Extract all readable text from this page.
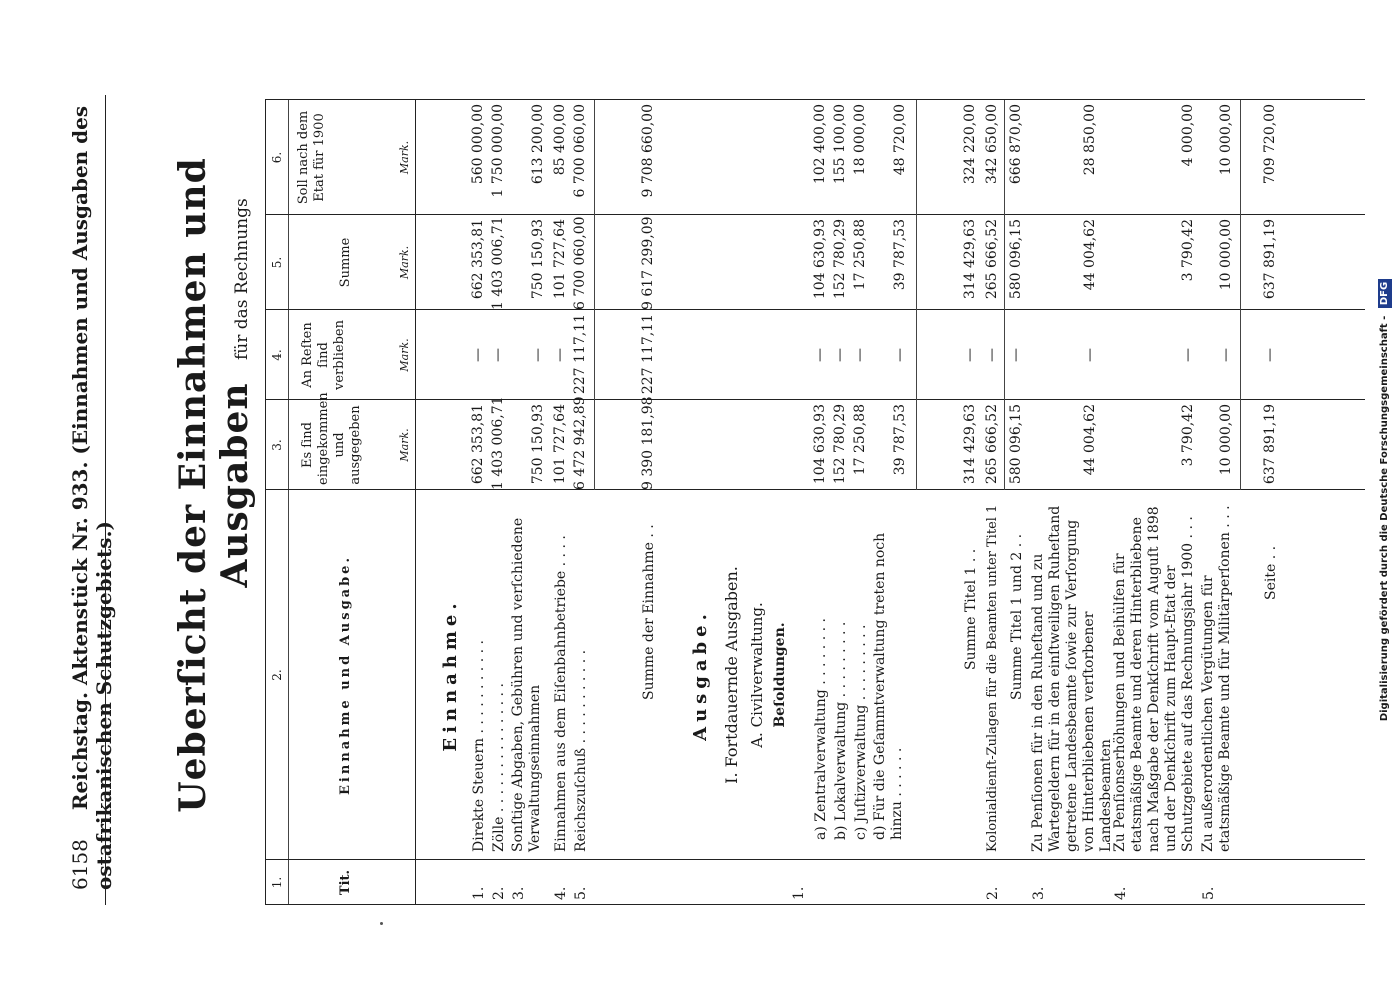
6158 Reichstag. Aktenstück Nr. 933. (Einnahmen und Ausgaben des ostafrikanischen Schutzgebiets.) Ueberſicht der Einnahmen und Ausgaben
für das Rechnungs
1.
2.
3.
4.
5.
6.
Tit.
Einnahme und Ausgabe.
Es ſind eingekommen und ausgegeben
An Reſten ſind verblieben
Summe
Soll nach dem Etat für 1900
Mark.
Mark.
Mark.
Mark.
Einnahme.
1.
Direkte Steuern . . . . . . . . . . .
662 353,81
—
662 353,81
560 000,00
2.
Zölle . . . . . . . . . . . . . . .
1 403 006,71
—
1 403 006,71
1 750 000,00
3.
Sonſtige Abgaben, Gebühren und verſchiedene Verwaltungseinnahmen
750 150,93
—
750 150,93
613 200,00
4.
Einnahmen aus dem Eiſenbahnbetriebe . . . .
101 727,64
—
101 727,64
85 400,00
5.
Reichszuſchuß . . . . . . . . . . .
6 472 942,89
227 117,11
6 700 060,00
6 700 060,00
Summe der Einnahme . .
9 390 181,98
227 117,11
9 617 299,09
9 708 660,00
Ausgabe. I. Fortdauernde Ausgaben. A. Civilverwaltung. Beſoldungen.
1.
a) Zentralverwaltung . . . . . . . .
104 630,93
—
104 630,93
102 400,00
b) Lokalverwaltung . . . . . . . . .
152 780,29
—
152 780,29
155 100,00
c) Juſtizverwaltung . . . . . . . . .
17 250,88
—
17 250,88
18 000,00
d) Für die Geſammtverwaltung treten noch hinzu . . . . . .
39 787,53
—
39 787,53
48 720,00
Summe Titel 1 . .
314 429,63
—
314 429,63
324 220,00
2.
Kolonialdienſt-Zulagen für die Beamten unter Titel 1
265 666,52
—
265 666,52
342 650,00
Summe Titel 1 und 2 . .
580 096,15
—
580 096,15
666 870,00
3.
Zu Penſionen für in den Ruheſtand und zu Wartegeldern für in den einſtweiligen Ruheſtand getretene Landesbeamte ſowie zur Verſorgung von Hinterbliebenen verſtorbener Landesbeamten
44 004,62
—
44 004,62
28 850,00
4.
Zu Penſionserhöhungen und Beihülfen für etatsmäßige Beamte und deren Hinterbliebene nach Maßgabe der Denkſchrift vom Auguſt 1898 und der Denkſchrift zum Haupt-Etat der Schutzgebiete auf das Rechnungsjahr 1900 . . .
3 790,42
—
3 790,42
4 000,00
5.
Zu außerordentlichen Vergütungen für etatsmäßige Beamte und für Militärperſonen . . .
10 000,00
—
10 000,00
10 000,00
Seite . .
637 891,19
—
637 891,19
709 720,00
Digitalisierung gefördert durch die Deutsche Forschungsgemeinschaft - DFG
